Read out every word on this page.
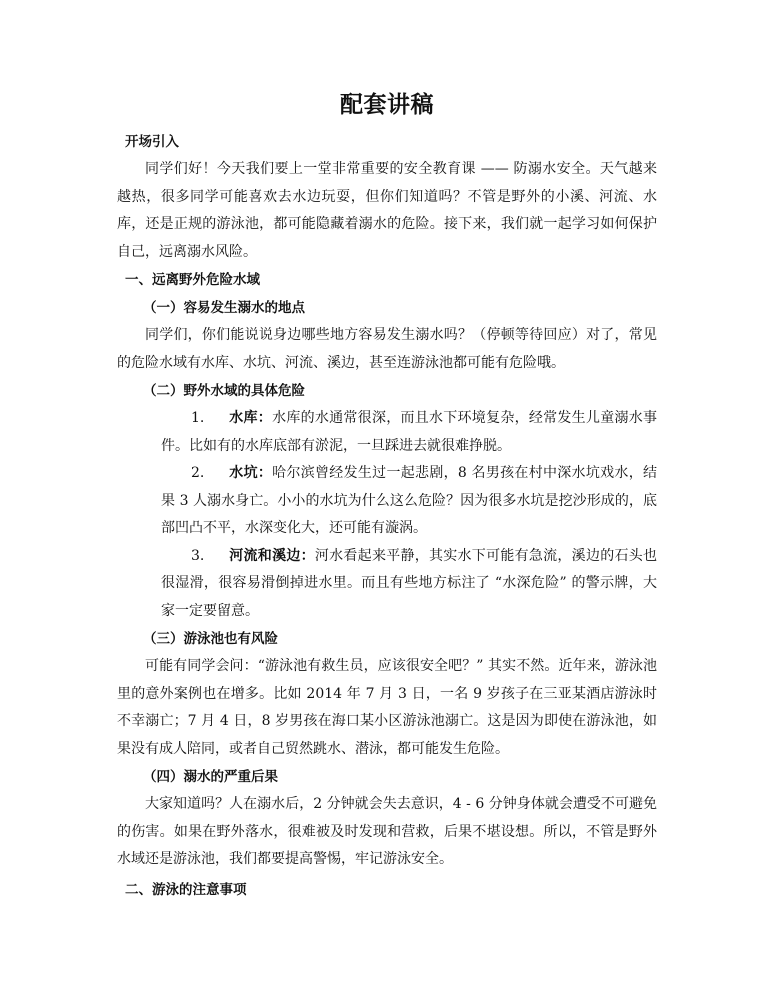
配套讲稿
开场引入

同学们好！今天我们要上一堂非常重要的安全教育课 —— 防溺水安全。天气越来越热，很多同学可能喜欢去水边玩耍，但你们知道吗？不管是野外的小溪、河流、水库，还是正规的游泳池，都可能隐藏着溺水的危险。接下来，我们就一起学习如何保护自己，远离溺水风险。

一、远离野外危险水域
（一）容易发生溺水的地点

同学们，你们能说说身边哪些地方容易发生溺水吗？（停顿等待回应）对了，常见的危险水域有水库、水坑、河流、溪边，甚至连游泳池都可能有危险哦。

（二）野外水域的具体危险

1. 水库：水库的水通常很深，而且水下环境复杂，经常发生儿童溺水事件。比如有的水库底部有淤泥，一旦踩进去就很难挣脱。

2. 水坑：哈尔滨曾经发生过一起悲剧，8 名男孩在村中深水坑戏水，结果 3 人溺水身亡。小小的水坑为什么这么危险？因为很多水坑是挖沙形成的，底部凹凸不平，水深变化大，还可能有漩涡。

3. 河流和溪边：河水看起来平静，其实水下可能有急流，溪边的石头也很湿滑，很容易滑倒掉进水里。而且有些地方标注了 “水深危险” 的警示牌，大家一定要留意。

（三）游泳池也有风险

可能有同学会问：“游泳池有救生员，应该很安全吧？” 其实不然。近年来，游泳池里的意外案例也在增多。比如 2014 年 7 月 3 日，一名 9 岁孩子在三亚某酒店游泳时不幸溺亡；7 月 4 日，8 岁男孩在海口某小区游泳池溺亡。这是因为即使在游泳池，如果没有成人陪同，或者自己贸然跳水、潜泳，都可能发生危险。

（四）溺水的严重后果

大家知道吗？人在溺水后，2 分钟就会失去意识，4 - 6 分钟身体就会遭受不可避免的伤害。如果在野外落水，很难被及时发现和营救，后果不堪设想。所以，不管是野外水域还是游泳池，我们都要提高警惕，牢记游泳安全。

二、游泳的注意事项
